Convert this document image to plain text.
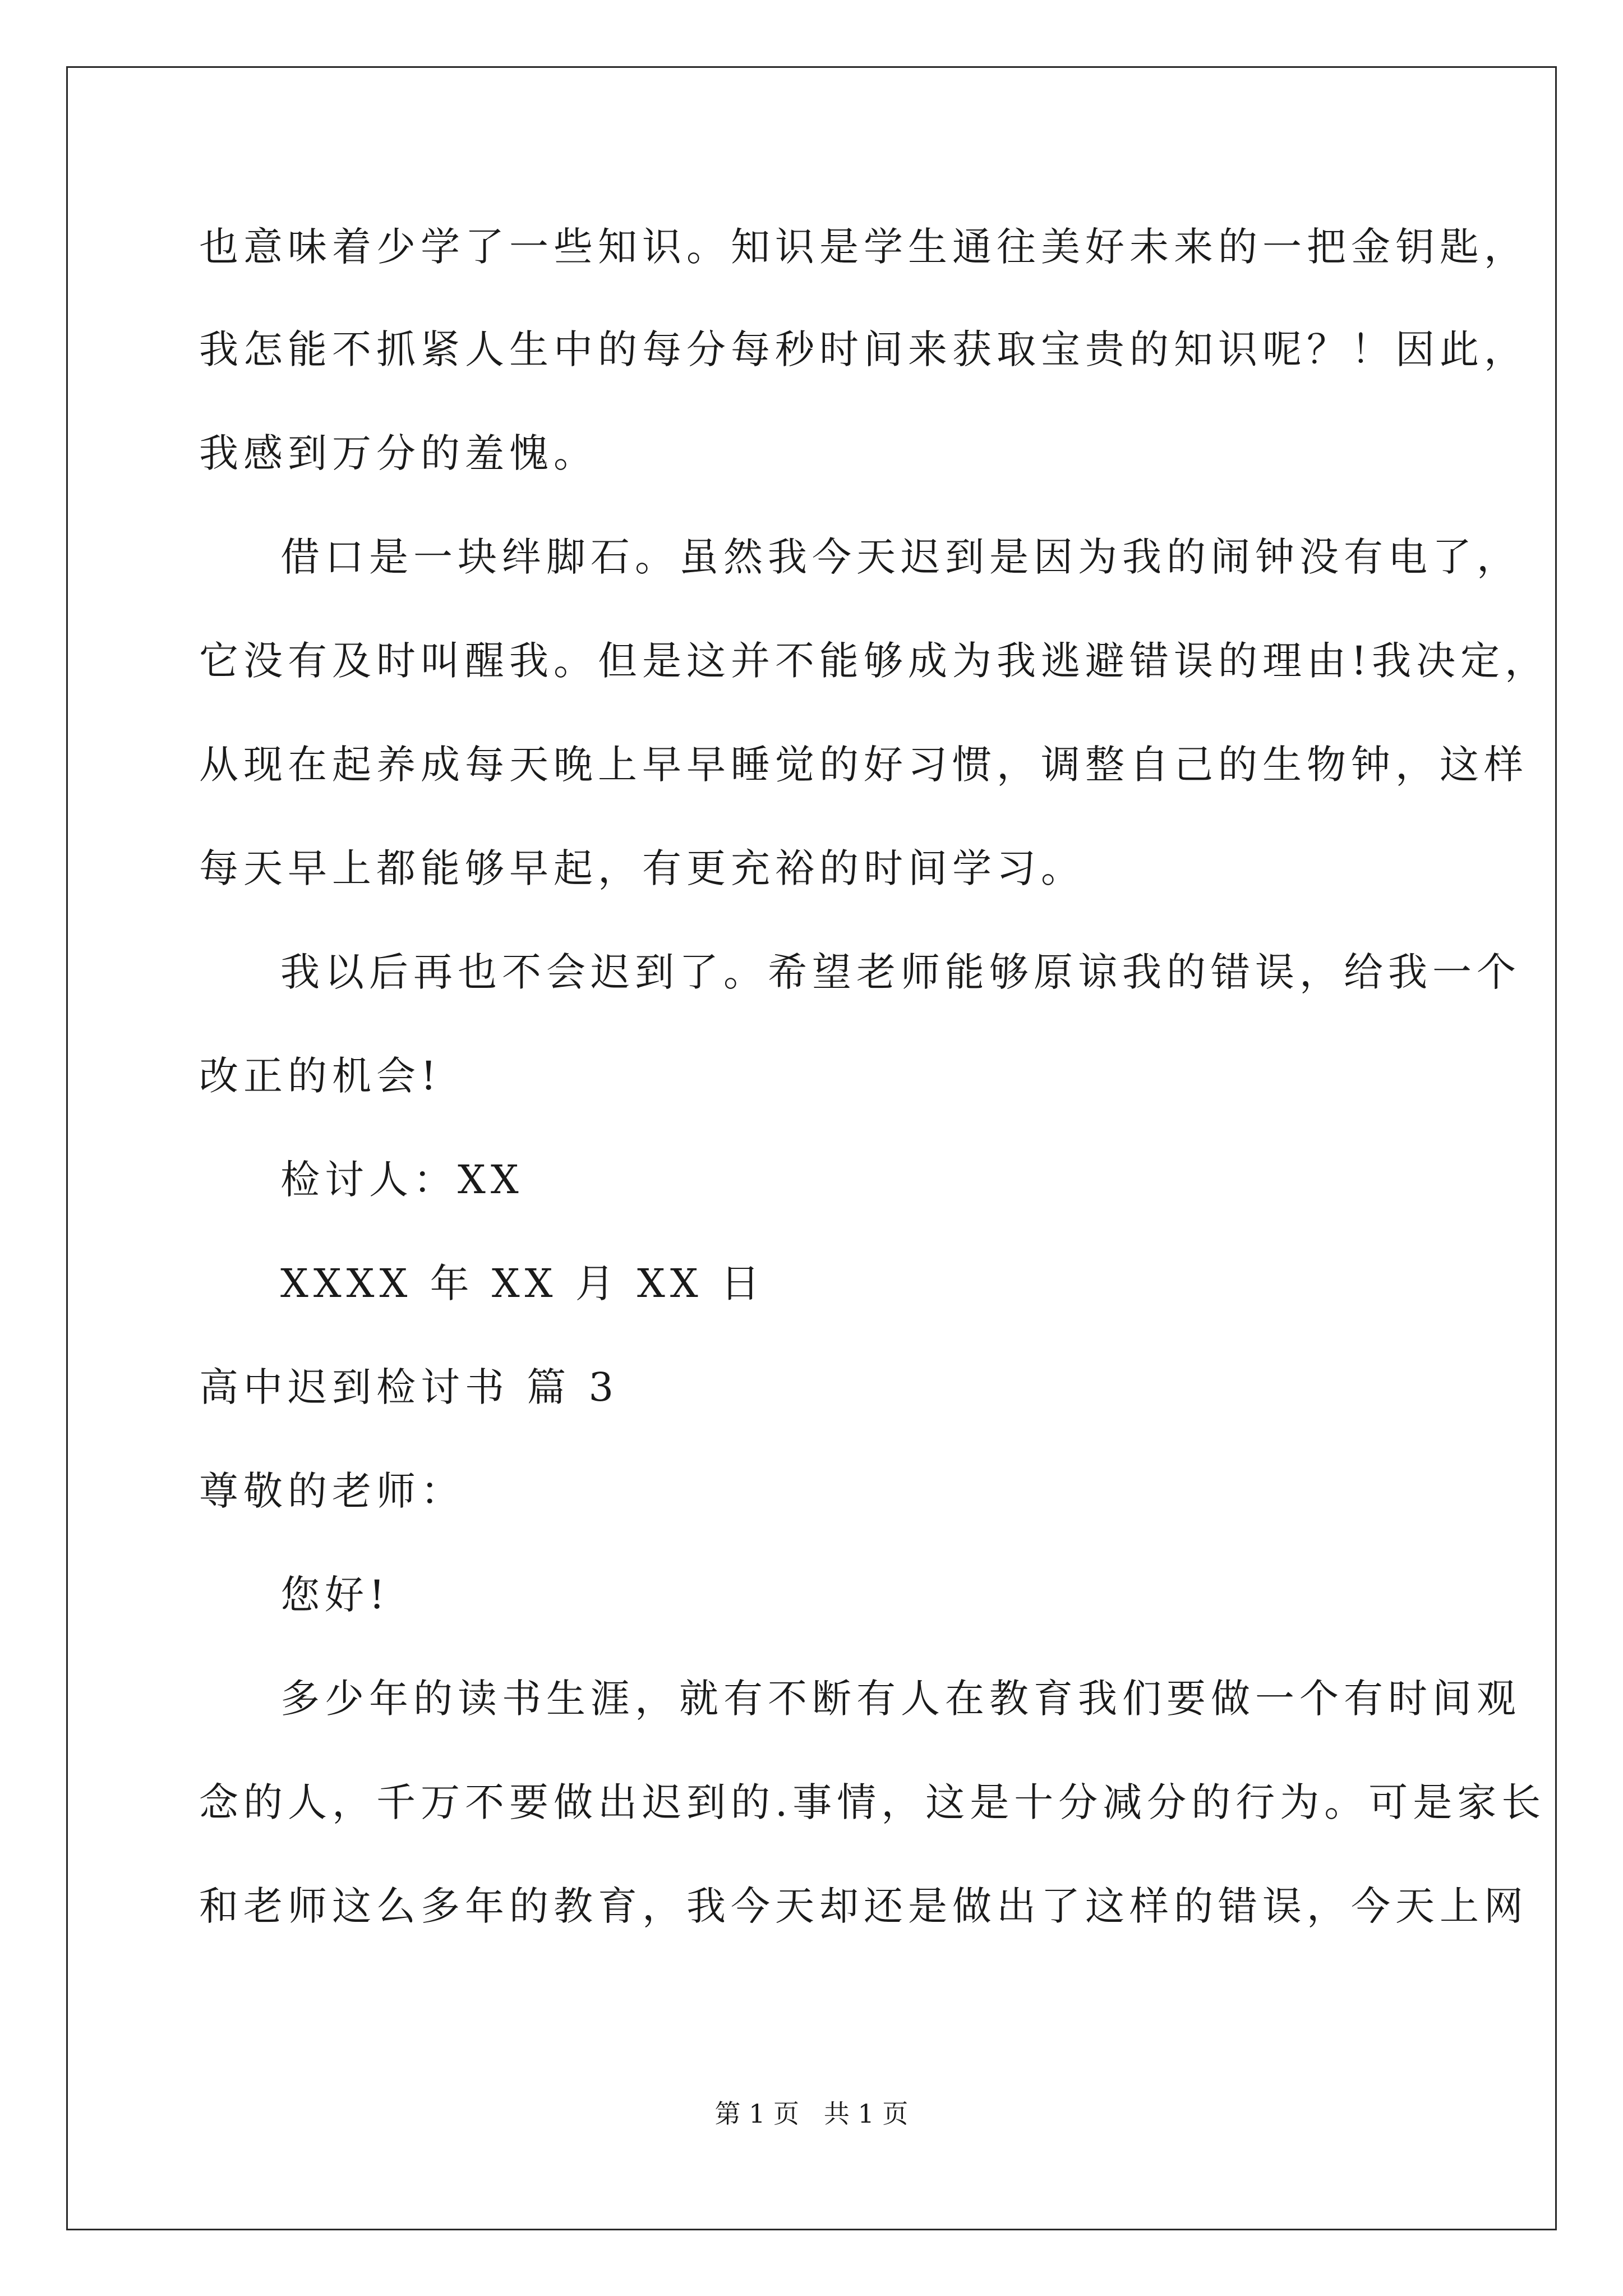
也意味着少学了一些知识。知识是学生通往美好未来的一把金钥匙，
我怎能不抓紧人生中的每分每秒时间来获取宝贵的知识呢？！因此，
我感到万分的羞愧。
借口是一块绊脚石。虽然我今天迟到是因为我的闹钟没有电了，
它没有及时叫醒我。但是这并不能够成为我逃避错误的理由!我决定，
从现在起养成每天晚上早早睡觉的好习惯，调整自己的生物钟，这样
每天早上都能够早起，有更充裕的时间学习。
我以后再也不会迟到了。希望老师能够原谅我的错误，给我一个
改正的机会!
检讨人：XX
XXXX 年 XX 月 XX 日
高中迟到检讨书 篇 3
尊敬的老师：
您好!
多少年的读书生涯，就有不断有人在教育我们要做一个有时间观
念的人，千万不要做出迟到的.事情，这是十分减分的行为。可是家长
和老师这么多年的教育，我今天却还是做出了这样的错误，今天上网
第 1 页   共 1 页
